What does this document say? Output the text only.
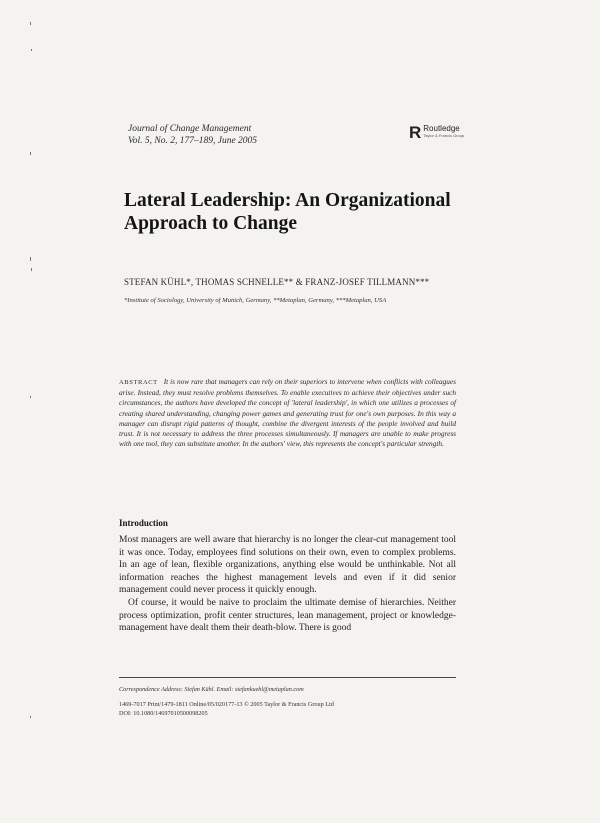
Journal of Change Management
Vol. 5, No. 2, 177–189, June 2005	R Routledge
Taylor & Francis Group
Lateral Leadership: An Organizational Approach to Change
STEFAN KÜHL*, THOMAS SCHNELLE** & FRANZ-JOSEF TILLMANN***
*Institute of Sociology, University of Munich, Germany, **Metaplan, Germany, ***Metaplan, USA
ABSTRACT It is now rare that managers can rely on their superiors to intervene when conflicts with colleagues arise. Instead, they must resolve problems themselves. To enable executives to achieve their objectives under such circumstances, the authors have developed the concept of 'lateral leadership', in which one utilizes a processes of creating shared understanding, changing power games and generating trust for one's own purposes. In this way a manager can disrupt rigid patterns of thought, combine the divergent interests of the people involved and build trust. It is not necessary to address the three processes simultaneously. If managers are unable to make progress with one tool, they can substitute another. In the authors' view, this represents the concept's particular strength.
Introduction

Most managers are well aware that hierarchy is no longer the clear-cut management tool it was once. Today, employees find solutions on their own, even to complex problems. In an age of lean, flexible organizations, anything else would be unthinkable. Not all information reaches the highest management levels and even if it did senior management could never process it quickly enough.

Of course, it would be naive to proclaim the ultimate demise of hierarchies. Neither process optimization, profit center structures, lean management, project or knowledge-management have dealt them their death-blow. There is good

Correspondence Address: Stefan Kühl. Email: stefankuehl@metaplan.com
1469-7017 Print/1479-1811 Online/05/020177-13 © 2005 Taylor & Francis Group Ltd
DOI: 10.1080/14697010500098205
